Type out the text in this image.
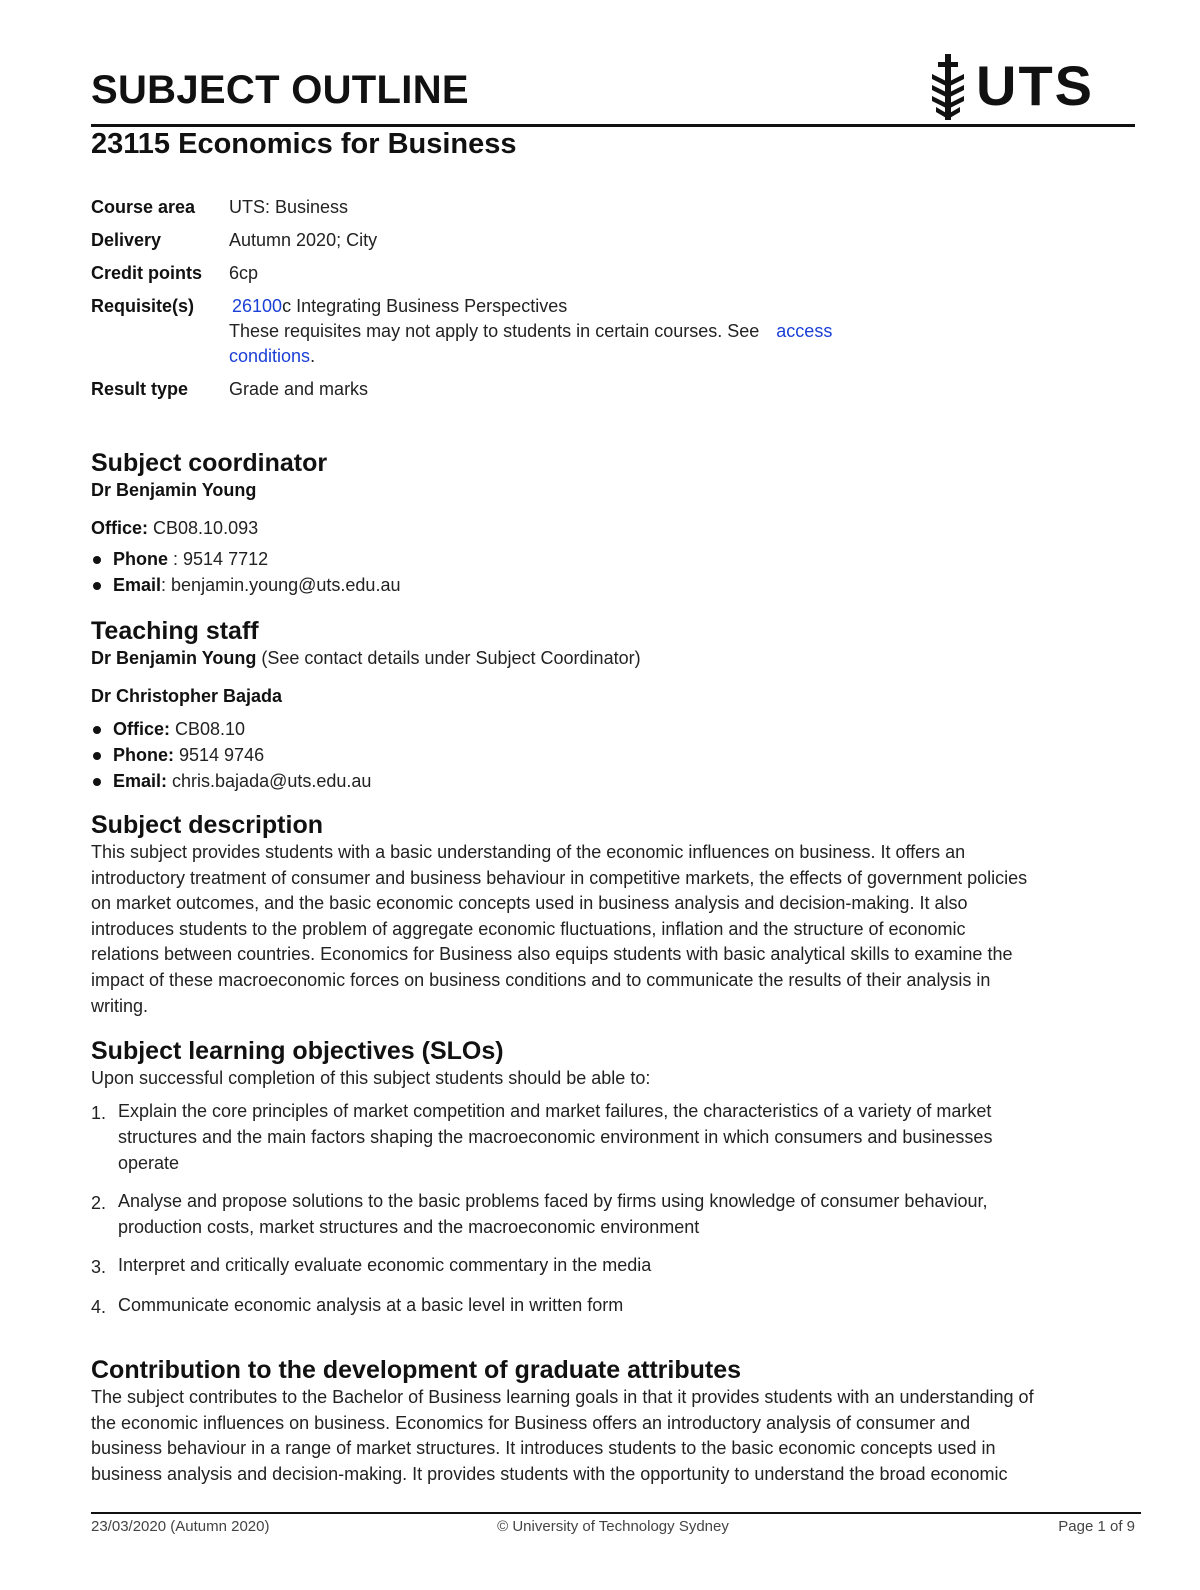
SUBJECT OUTLINE	UTS
23115 Economics for Business
Course area	UTS: Business
Delivery	Autumn 2020; City
Credit points	6cp
Requisite(s)	26100c Integrating Business Perspectives
These requisites may not apply to students in certain courses. See access
conditions.
Result type	Grade and marks
Subject coordinator

Dr Benjamin Young

Office: CB08.10.093

Phone : 9514 7712
Email: benjamin.young@uts.edu.au
Teaching staff

Dr Benjamin Young (See contact details under Subject Coordinator)

Dr Christopher Bajada

Office: CB08.10
Phone: 9514 9746
Email: chris.bajada@uts.edu.au
Subject description

This subject provides students with a basic understanding of the economic influences on business. It offers an

introductory treatment of consumer and business behaviour in competitive markets, the effects of government policies

on market outcomes, and the basic economic concepts used in business analysis and decision-making. It also

introduces students to the problem of aggregate economic fluctuations, inflation and the structure of economic

relations between countries. Economics for Business also equips students with basic analytical skills to examine the

impact of these macroeconomic forces on business conditions and to communicate the results of their analysis in

writing.

Subject learning objectives (SLOs)

Upon successful completion of this subject students should be able to:

1. Explain the core principles of market competition and market failures, the characteristics of a variety of market
structures and the main factors shaping the macroeconomic environment in which consumers and businesses
operate
2. Analyse and propose solutions to the basic problems faced by firms using knowledge of consumer behaviour,
production costs, market structures and the macroeconomic environment
3. Interpret and critically evaluate economic commentary in the media
4. Communicate economic analysis at a basic level in written form
Contribution to the development of graduate attributes

The subject contributes to the Bachelor of Business learning goals in that it provides students with an understanding of

the economic influences on business. Economics for Business offers an introductory analysis of consumer and

business behaviour in a range of market structures. It introduces students to the basic economic concepts used in

business analysis and decision-making. It provides students with the opportunity to understand the broad economic

23/03/2020 (Autumn 2020)	© University of Technology Sydney	Page 1 of 9
